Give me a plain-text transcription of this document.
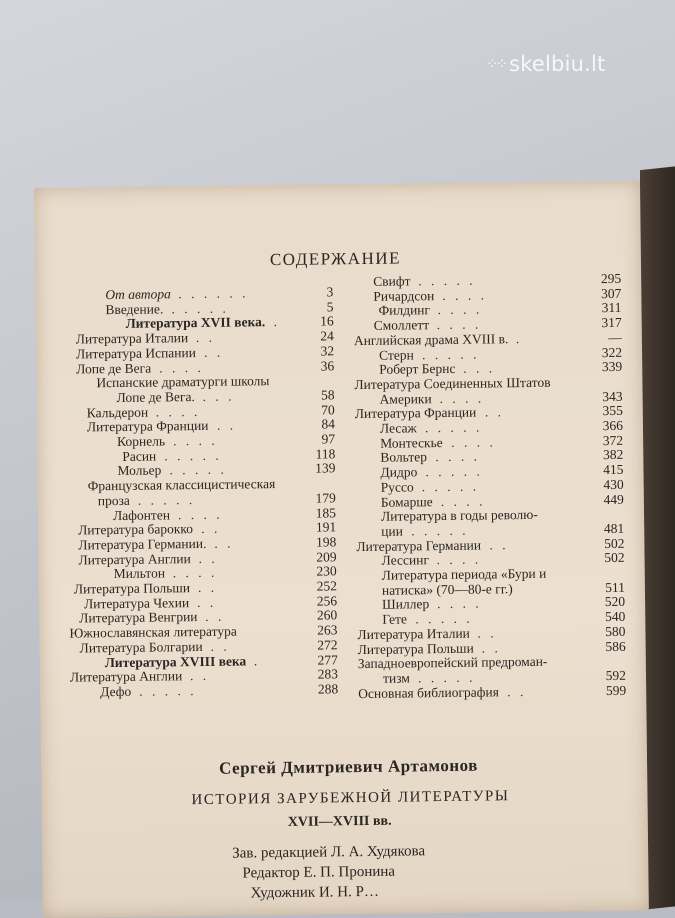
⁘⁘ skelbiu.lt
СОДЕРЖАНИЕ
От автора . . . . . .	3
Введение. . . . . .	5
Литература XVII века. .	16
Литература Италии . .	24
Литература Испании . .	32
Лопе де Вега . . . .	36
Испанские драматурги школы
Лопе де Вега. . . .	58
Кальдерон . . . .	70
Литература Франции . .	84
Корнель . . . .	97
Расин . . . . .	118
Мольер . . . . .	139
Французская классицистическая
проза . . . . .	179
Лафонтен . . . .	185
Литература барокко . .	191
Литература Германии. . .	198
Литература Англии . .	209
Мильтон . . . .	230
Литература Польши . .	252
Литература Чехии . .	256
Литература Венгрии . .	260
Южнославянская литература	263
Литература Болгарии . .	272
Литература XVIII века .	277
Литература Англии . .	283
Дефо . . . . .	288
Свифт . . . . .	295
Ричардсон . . . .	307
Филдинг . . . .	311
Смоллетт . . . .	317
Английская драма XVIII в. .	—
Стерн . . . . .	322
Роберт Бернс . . .	339
Литература Соединенных Штатов
Америки . . . .	343
Литература Франции . .	355
Лесаж . . . . .	366
Монтескье . . . .	372
Вольтер . . . .	382
Дидро . . . . .	415
Руссо . . . . .	430
Бомарше . . . .	449
Литература в годы револю-
ции . . . . .	481
Литература Германии . .	502
Лессинг . . . .	502
Литература периода «Бури и
натиска» (70—80-е гг.)	511
Шиллер . . . .	520
Гете . . . . .	540
Литература Италии . .	580
Литература Польши . .	586
Западноевропейский предроман-
тизм . . . . .	592
Основная библиография . .	599
Сергей Дмитриевич Артамонов
ИСТОРИЯ ЗАРУБЕЖНОЙ ЛИТЕРАТУРЫ
XVII—XVIII вв.
Зав. редакцией Л. А. Худякова
Редактор Е. П. Пронина
Художник И. Н. Р…
